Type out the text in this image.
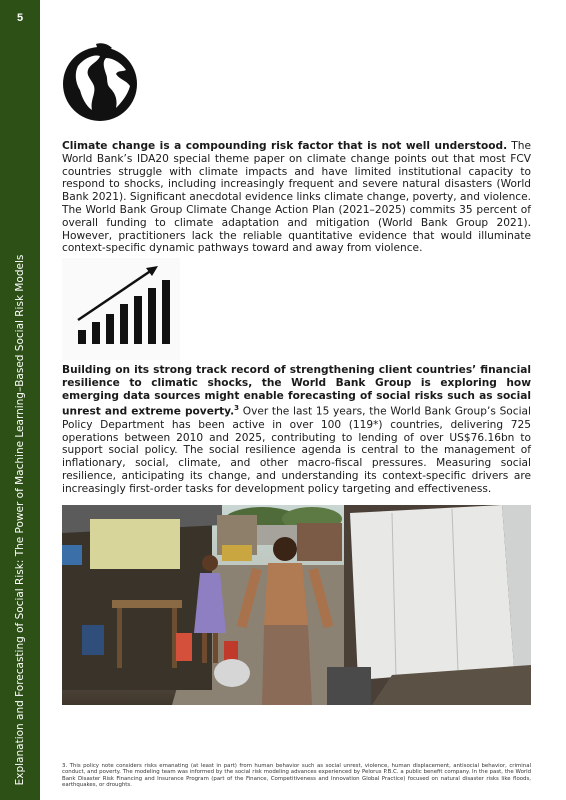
5
Explanation and Forecasting of Social Risk: The Power of Machine Learning–Based Social Risk Models
Climate change is a compounding risk factor that is not well understood. The World Bank’s IDA20 special theme paper on climate change points out that most FCV countries struggle with climate impacts and have limited institutional capacity to respond to shocks, including increasingly frequent and severe natural disasters (World Bank 2021). Significant anecdotal evidence links climate change, poverty, and violence. The World Bank Group Climate Change Action Plan (2021–2025) commits 35 percent of overall funding to climate adaptation and mitigation (World Bank Group 2021). However, practitioners lack the reliable quantitative evidence that would illuminate context-specific dynamic pathways toward and away from violence.
Building on its strong track record of strengthening client countries’ financial resilience to climatic shocks, the World Bank Group is exploring how emerging data sources might enable forecasting of social risks such as social unrest and extreme poverty.$^3$ Over the last 15 years, the World Bank Group’s Social Policy Department has been active in over 100 (119*) countries, delivering 725 operations between 2010 and 2025, contributing to lending of over US$76.16bn to support social policy. The social resilience agenda is central to the management of inflationary, social, climate, and other macro-fiscal pressures. Measuring social resilience, anticipating its change, and understanding its context-specific drivers are increasingly first-order tasks for development policy targeting and effectiveness.
3. This policy note considers risks emanating (at least in part) from human behavior such as social unrest, violence, human displacement, antisocial behavior, criminal conduct, and poverty. The modeling team was informed by the social risk modeling advances experienced by Pelorus P.B.C. a public benefit company. In the past, the World Bank Disaster Risk Financing and Insurance Program (part of the Finance, Competitiveness and Innovation Global Practice) focused on natural disaster risks like floods, earthquakes, or droughts.
